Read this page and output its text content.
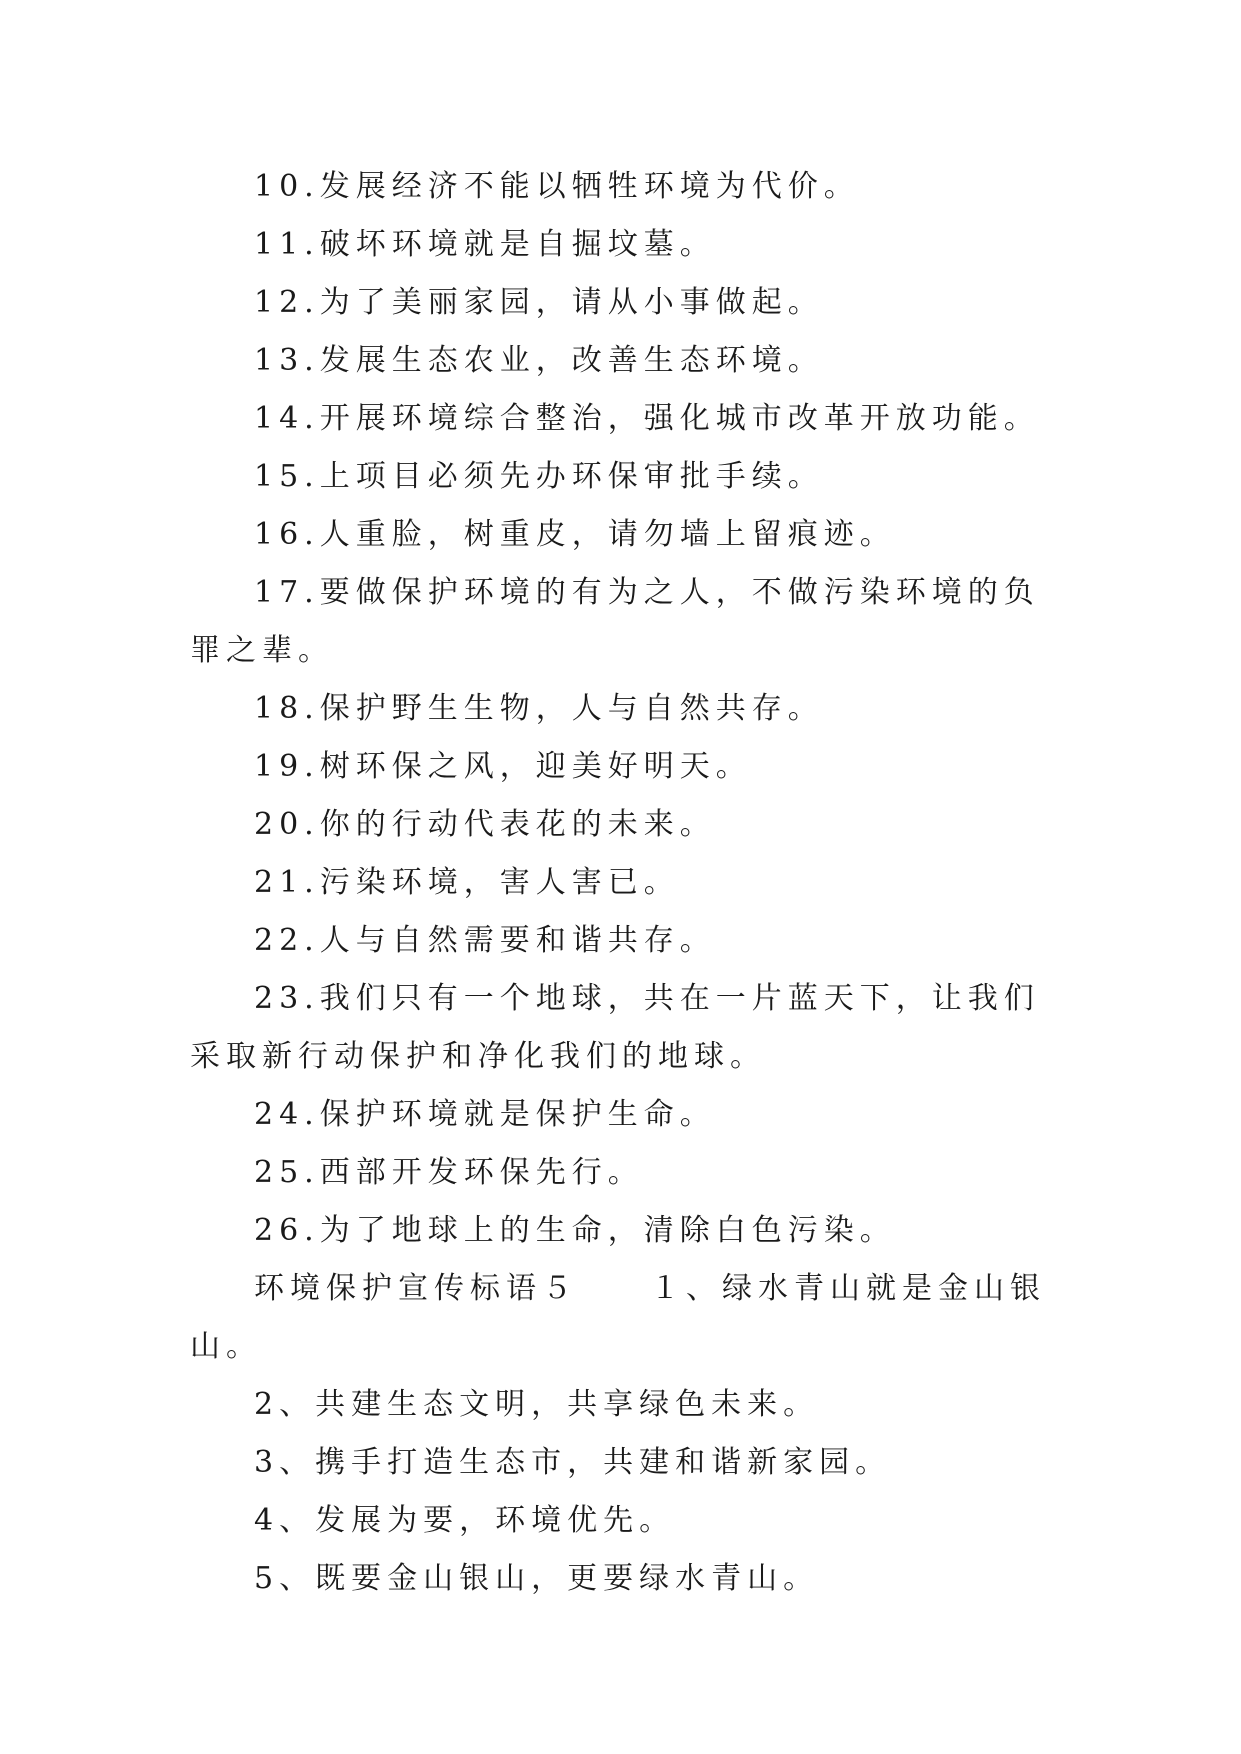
10.发展经济不能以牺牲环境为代价。

11.破坏环境就是自掘坟墓。

12.为了美丽家园，请从小事做起。

13.发展生态农业，改善生态环境。

14.开展环境综合整治，强化城市改革开放功能。

15.上项目必须先办环保审批手续。

16.人重脸，树重皮，请勿墙上留痕迹。

17.要做保护环境的有为之人，不做污染环境的负罪之辈。

18.保护野生生物，人与自然共存。

19.树环保之风，迎美好明天。

20.你的行动代表花的未来。

21.污染环境，害人害已。

22.人与自然需要和谐共存。

23.我们只有一个地球，共在一片蓝天下，让我们采取新行动保护和净化我们的地球。

24.保护环境就是保护生命。

25.西部开发环保先行。

26.为了地球上的生命，清除白色污染。

环境保护宣传标语５　　１、绿水青山就是金山银山。

2、共建生态文明，共享绿色未来。

3、携手打造生态市，共建和谐新家园。

4、发展为要，环境优先。

5、既要金山银山，更要绿水青山。
